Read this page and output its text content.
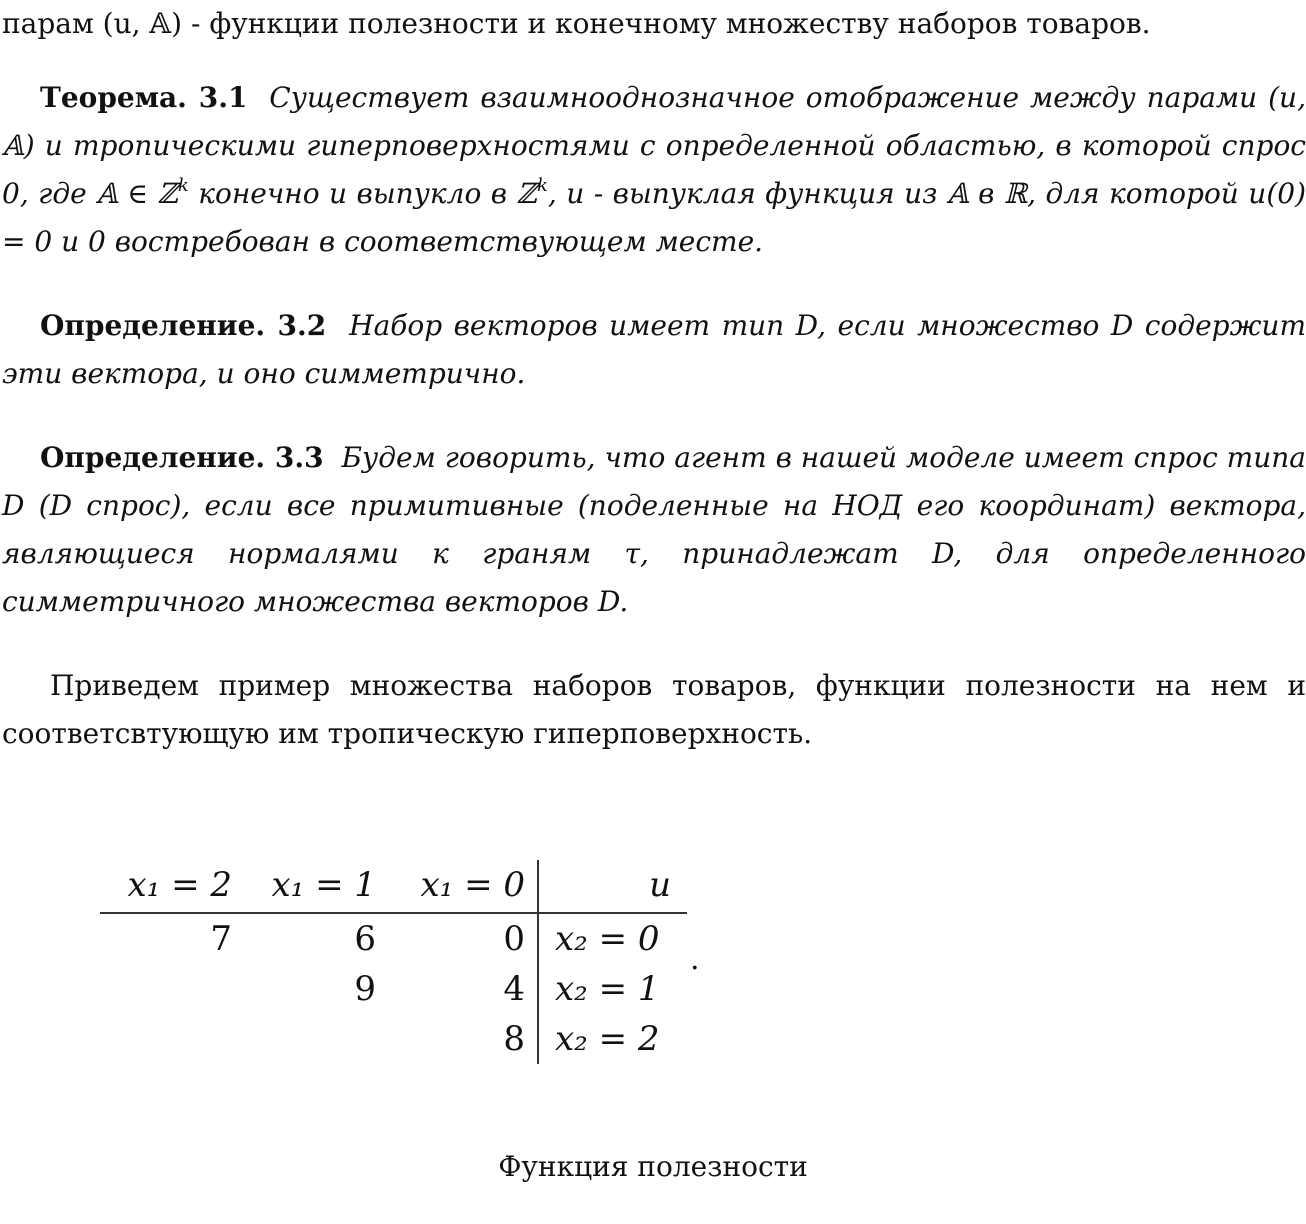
парам (u, 𝔸) - функции полезности и конечному множеству наборов товаров.

Теорема. 3.1 Существует взаимнооднозначное отображение между парами (u, 𝔸) и тропическими гиперповерхностями с определенной областью, в которой спрос 0, где 𝔸 ∈ ℤ$^k$ конечно и выпукло в ℤ$^k$, u - выпуклая функция из 𝔸 в ℝ, для которой u(0) = 0 и 0 востребован в соответствующем месте.

Определение. 3.2 Набор векторов имеет тип D, если множество D содержит эти вектора, и оно симметрично.

Определение. 3.3 Будем говорить, что агент в нашей моделе имеет спрос типа D (D спрос), если все примитивные (поделенные на НОД его координат) вектора, являющиеся нормалями к граням τ, принадлежат D, для определенного симметричного множества векторов D.

Приведем пример множества наборов товаров, функции полезности на нем и соответсвтующую им тропическую гиперповерхность.

x₁ = 2	x₁ = 1	x₁ = 0	u
7	6	0	x₂ = 0
	9	4	x₂ = 1
		8	x₂ = 2
.
Функция полезности
